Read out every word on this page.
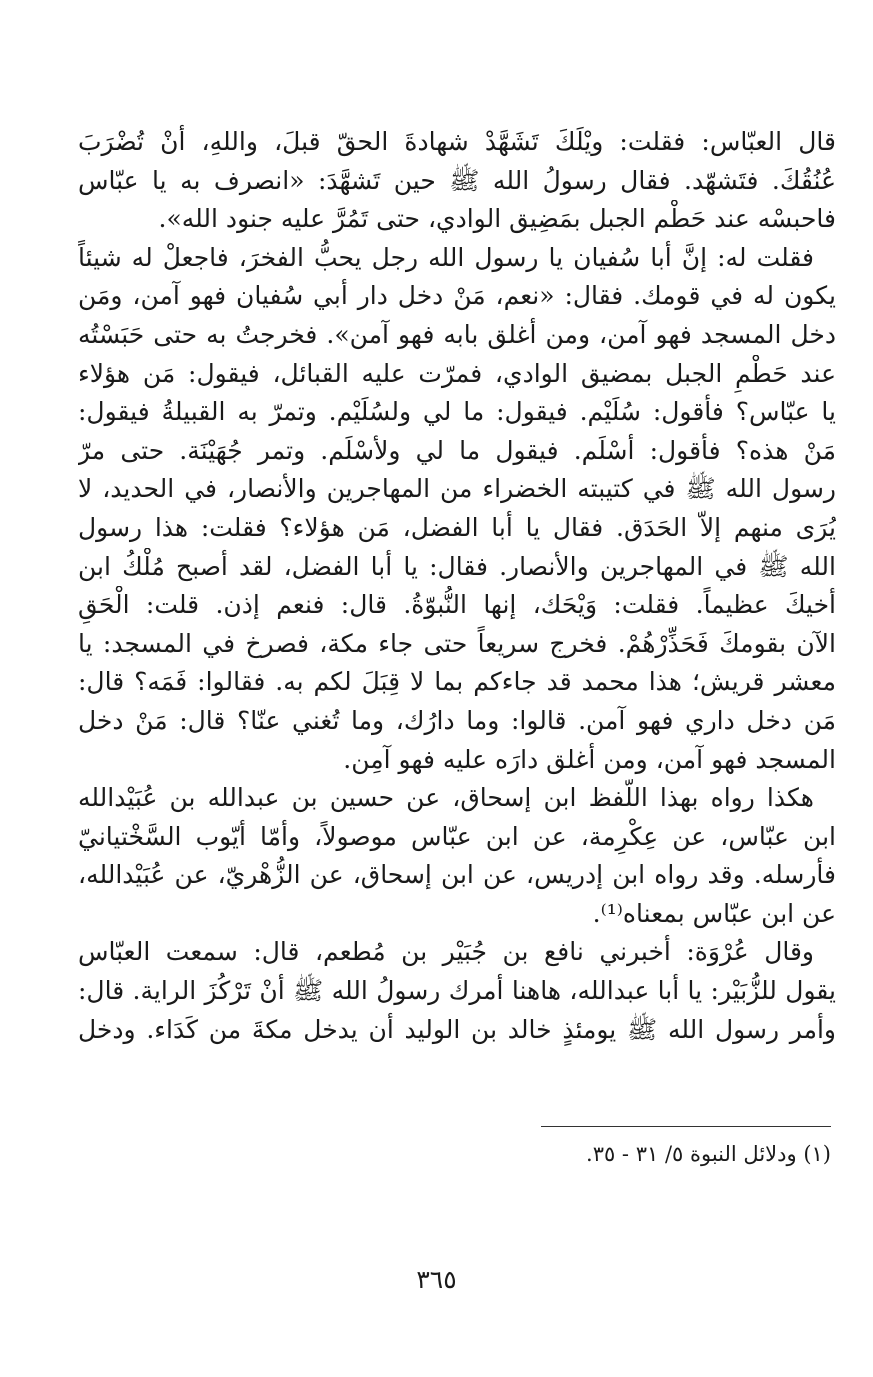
قال العبّاس: فقلت: ويْلَكَ تَشَهَّدْ شهادةَ الحقّ قبلَ، واللهِ، أنْ تُضْرَبَ
عُنُقُكَ. فتَشهّد. فقال رسولُ الله ﷺ حين تَشهَّدَ: «انصرف به يا عبّاس
فاحبسْه عند حَطْم الجبل بمَضِيق الوادي، حتى تَمُرَّ عليه جنود الله».
فقلت له: إنَّ أبا سُفيان يا رسول الله رجل يحبُّ الفخرَ، فاجعلْ له شيئاً
يكون له في قومك. فقال: «نعم، مَنْ دخل دار أبي سُفيان فهو آمن، ومَن
دخل المسجد فهو آمن، ومن أغلق بابه فهو آمن». فخرجتُ به حتى حَبَسْتُه
عند حَطْمِ الجبل بمضيق الوادي، فمرّت عليه القبائل، فيقول: مَن هؤلاء
يا عبّاس؟ فأقول: سُلَيْم. فيقول: ما لي ولسُلَيْم. وتمرّ به القبيلةُ فيقول:
مَنْ هذه؟ فأقول: أسْلَم. فيقول ما لي ولأسْلَم. وتمر جُهَيْنَة. حتى مرّ
رسول الله ﷺ في كتيبته الخضراء من المهاجرين والأنصار، في الحديد، لا
يُرَى منهم إلاّ الحَدَق. فقال يا أبا الفضل، مَن هؤلاء؟ فقلت: هذا رسول
الله ﷺ في المهاجرين والأنصار. فقال: يا أبا الفضل، لقد أصبح مُلْكُ ابن
أخيكَ عظيماً. فقلت: وَيْحَك، إنها النُّبوّةُ. قال: فنعم إذن. قلت: الْحَقِ
الآن بقومكَ فَحَذِّرْهُمْ. فخرج سريعاً حتى جاء مكة، فصرخ في المسجد: يا
معشر قريش؛ هذا محمد قد جاءكم بما لا قِبَلَ لكم به. فقالوا: فَمَه؟ قال:
مَن دخل داري فهو آمن. قالوا: وما دارُك، وما تُغني عنّا؟ قال: مَنْ دخل
المسجد فهو آمن، ومن أغلق دارَه عليه فهو آمِن.
هكذا رواه بهذا اللّفظ ابن إسحاق، عن حسين بن عبدالله بن عُبَيْدالله
ابن عبّاس، عن عِكْرِمة، عن ابن عبّاس موصولاً، وأمّا أيّوب السَّخْتيانيّ
فأرسله. وقد رواه ابن إدريس، عن ابن إسحاق، عن الزُّهْريّ، عن عُبَيْدالله،
عن ابن عبّاس بمعناه⁽¹⁾.
وقال عُرْوَة: أخبرني نافع بن جُبَيْر بن مُطعم، قال: سمعت العبّاس
يقول للزُّبَيْر: يا أبا عبدالله، هاهنا أمرك رسولُ الله ﷺ أنْ تَرْكُزَ الراية. قال:
وأمر رسول الله ﷺ يومئذٍ خالد بن الوليد أن يدخل مكةَ من كَدَاء. ودخل
(١) ودلائل النبوة ٥/ ٣١ - ٣٥.
٣٦٥
